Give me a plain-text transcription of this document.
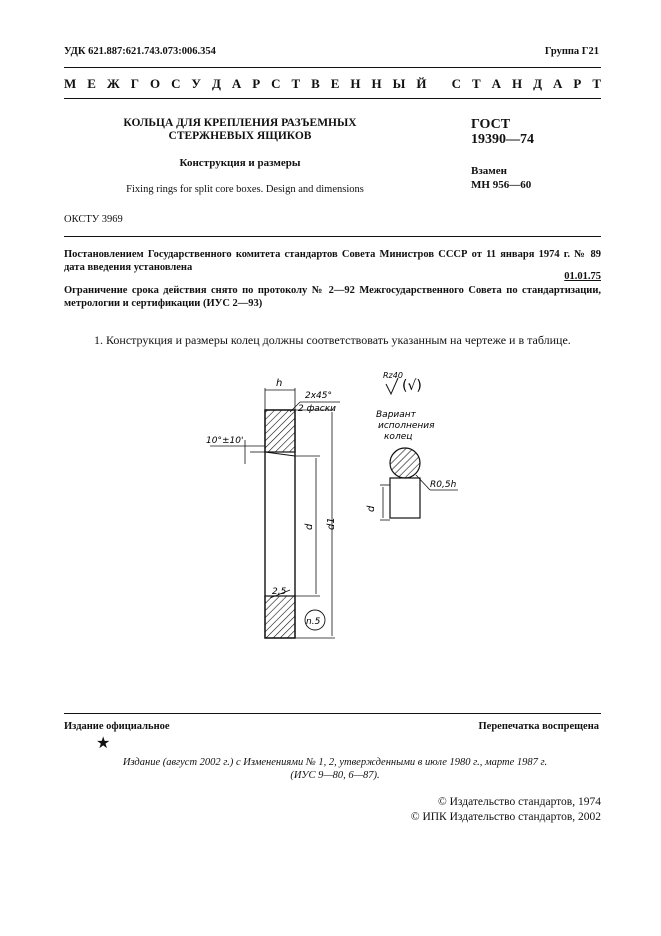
УДК 621.887:621.743.073:006.354	Группа Г21
М Е Ж Г О С У Д А Р С Т В Е Н Н Ы Й
С Т А Н Д А Р Т
КОЛЬЦА ДЛЯ КРЕПЛЕНИЯ РАЗЪЕМНЫХ
СТЕРЖНЕВЫХ ЯЩИКОВ
Конструкция и размеры
Fixing rings for split core boxes. Design and dimensions
ГОСТ
19390—74
Взамен
МН 956—60
ОКСТУ 3969
Постановлением Государственного комитета стандартов Совета Министров СССР от 11 января 1974 г. № 89 дата введения установлена
01.01.75
Ограничение срока действия снято по протоколу № 2—92 Межгосударственного Совета по стандартизации, метрологии и сертификации (ИУС 2—93)
1. Конструкция и размеры колец должны соответствовать указанным на чертеже и в таблице.
h
2х45°
2 фаски
d1
d
10°±10'
2,5
n.5
Rz40
(√)
Вариант
исполнения
колец
d
R0,5h
Издание официальное	Перепечатка воспрещена
★
Издание (август 2002 г.) с Изменениями № 1, 2, утвержденными в июле 1980 г., марте 1987 г.
(ИУС 9—80, 6—87).
© Издательство стандартов, 1974
© ИПК Издательство стандартов, 2002
